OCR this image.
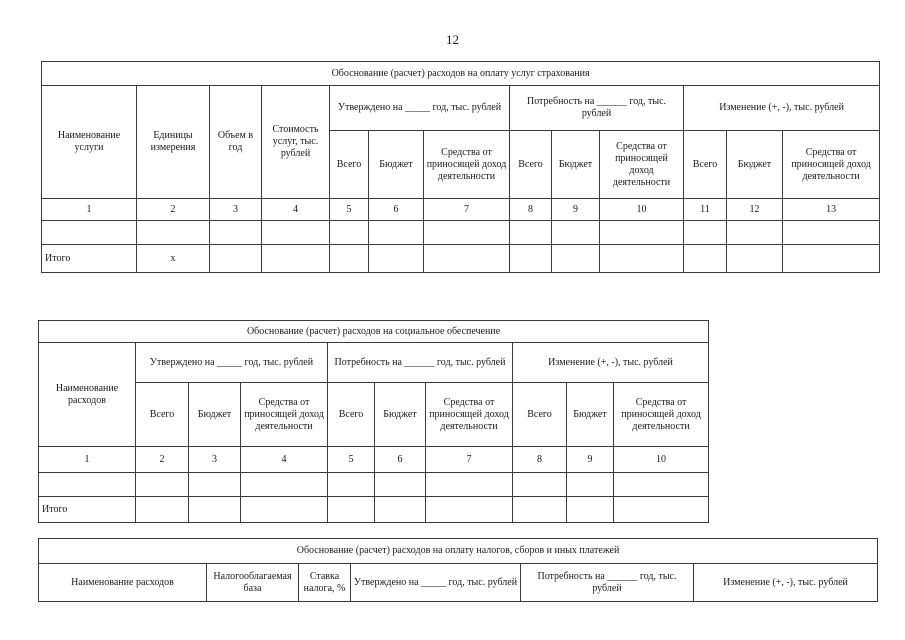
12
Обоснование (расчет) расходов на оплату услуг страхования												
Наименование услуги	Единицы измерения	Объем в год	Стоимость услуг, тыс. рублей	Утверждено на _____ год, тыс. рублей			Потребность на ______ год, тыс. рублей			Изменение (+, -), тыс. рублей		
				Всего	Бюджет	Средства от приносящей доход деятельности	Всего	Бюджет	Средства от приносящей доход деятельности	Всего	Бюджет	Средства от приносящей доход деятельности
1	2	3	4	5	6	7	8	9	10	11	12	13

Итого	х											
Обоснование (расчет) расходов на социальное обеспечение									
Наименование расходов	Утверждено на _____ год, тыс. рублей			Потребность на ______ год, тыс. рублей			Изменение (+, -), тыс. рублей		
	Всего	Бюджет	Средства от приносящей доход деятельности	Всего	Бюджет	Средства от приносящей доход деятельности	Всего	Бюджет	Средства от приносящей доход деятельности
1	2	3	4	5	6	7	8	9	10

Итого									
Обоснование (расчет) расходов на оплату налогов, сборов и иных платежей
Наименование расходов	Налогооблагаемая база	Ставка налога, %	Утверждено на _____ год, тыс. рублей	Потребность на ______ год, тыс. рублей	Изменение (+, -), тыс. рублей
